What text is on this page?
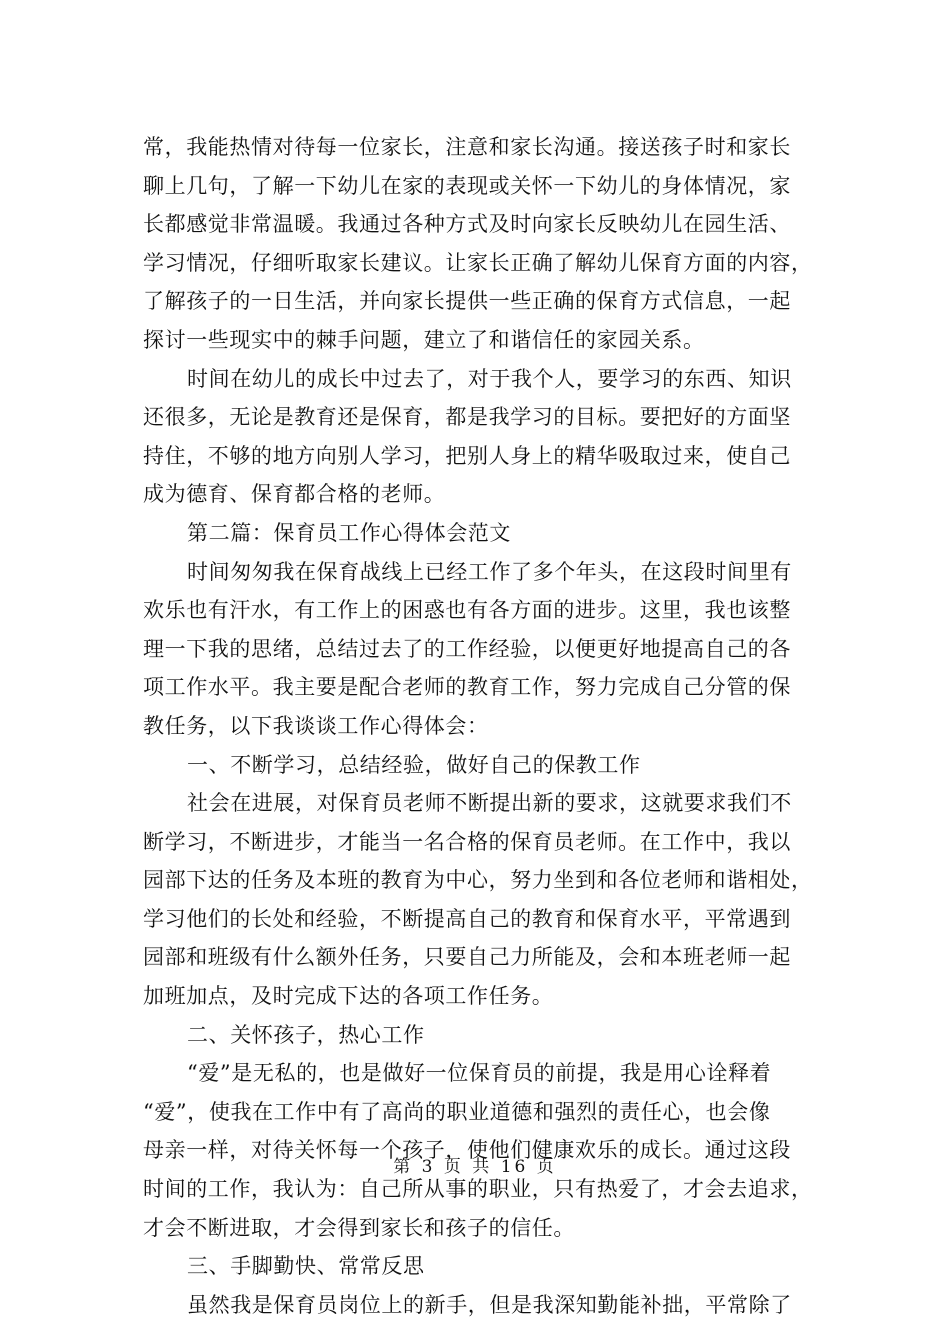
常，我能热情对待每一位家长，注意和家长沟通。接送孩子时和家长
聊上几句，了解一下幼儿在家的表现或关怀一下幼儿的身体情况，家
长都感觉非常温暖。我通过各种方式及时向家长反映幼儿在园生活、
学习情况，仔细听取家长建议。让家长正确了解幼儿保育方面的内容，
了解孩子的一日生活，并向家长提供一些正确的保育方式信息，一起
探讨一些现实中的棘手问题，建立了和谐信任的家园关系。
时间在幼儿的成长中过去了，对于我个人，要学习的东西、知识
还很多，无论是教育还是保育，都是我学习的目标。要把好的方面坚
持住，不够的地方向别人学习，把别人身上的精华吸取过来，使自己
成为德育、保育都合格的老师。
第二篇：保育员工作心得体会范文
时间匆匆我在保育战线上已经工作了多个年头，在这段时间里有
欢乐也有汗水，有工作上的困惑也有各方面的进步。这里，我也该整
理一下我的思绪，总结过去了的工作经验，以便更好地提高自己的各
项工作水平。我主要是配合老师的教育工作，努力完成自己分管的保
教任务，以下我谈谈工作心得体会：
一、不断学习，总结经验，做好自己的保教工作
社会在进展，对保育员老师不断提出新的要求，这就要求我们不
断学习，不断进步，才能当一名合格的保育员老师。在工作中，我以
园部下达的任务及本班的教育为中心，努力坐到和各位老师和谐相处，
学习他们的长处和经验，不断提高自己的教育和保育水平，平常遇到
园部和班级有什么额外任务，只要自己力所能及，会和本班老师一起
加班加点，及时完成下达的各项工作任务。
二、关怀孩子，热心工作
“爱”是无私的，也是做好一位保育员的前提，我是用心诠释着
“爱”，使我在工作中有了高尚的职业道德和强烈的责任心，也会像
母亲一样，对待关怀每一个孩子，使他们健康欢乐的成长。通过这段
时间的工作，我认为：自己所从事的职业，只有热爱了，才会去追求，
才会不断进取，才会得到家长和孩子的信任。
三、手脚勤快、常常反思
虽然我是保育员岗位上的新手，但是我深知勤能补拙，平常除了
第 3 页 共 16 页
